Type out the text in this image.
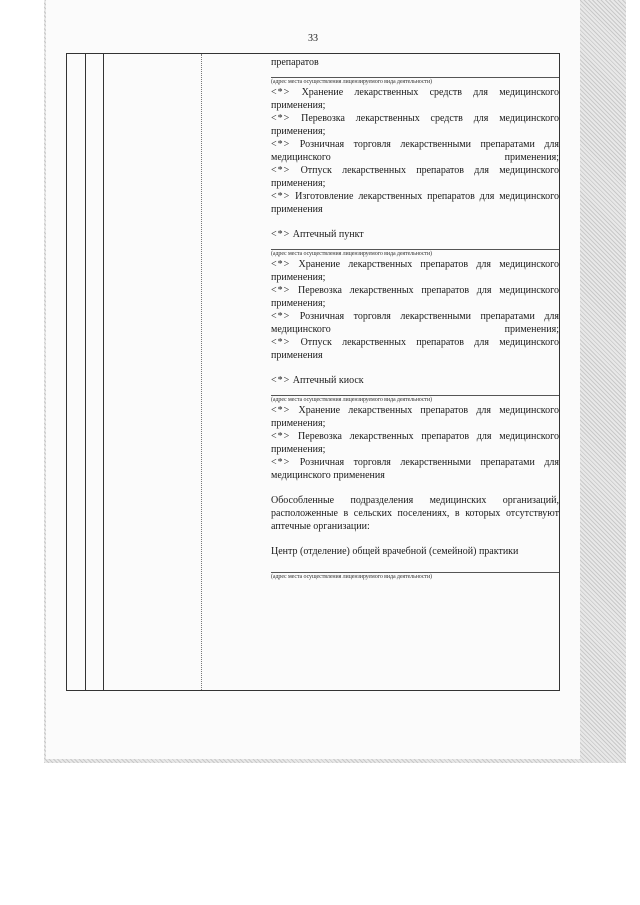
33

препаратов

(адрес места осуществления лицензируемого вида деятельности)

<*> Хранение лекарственных средств для медицинского применения;

<*> Перевозка лекарственных средств для медицинского применения;

<*> Розничная торговля лекарственными препаратами для медицинского применения;

<*> Отпуск лекарственных препаратов для медицинского применения;

<*> Изготовление лекарственных препаратов для медицинского применения

<*> Аптечный пункт

(адрес места осуществления лицензируемого вида деятельности)

<*> Хранение лекарственных препаратов для медицинского применения;

<*> Перевозка лекарственных препаратов для медицинского применения;

<*> Розничная торговля лекарственными препаратами для медицинского применения;

<*> Отпуск лекарственных препаратов для медицинского применения

<*> Аптечный киоск

(адрес места осуществления лицензируемого вида деятельности)

<*> Хранение лекарственных препаратов для медицинского применения;

<*> Перевозка лекарственных препаратов для медицинского применения;

<*> Розничная торговля лекарственными препаратами для медицинского применения

Обособленные подразделения медицинских организаций, расположенные в сельских поселениях, в которых отсутствуют аптечные организации:

Центр (отделение) общей врачебной (семейной) практики

(адрес места осуществления лицензируемого вида деятельности)
